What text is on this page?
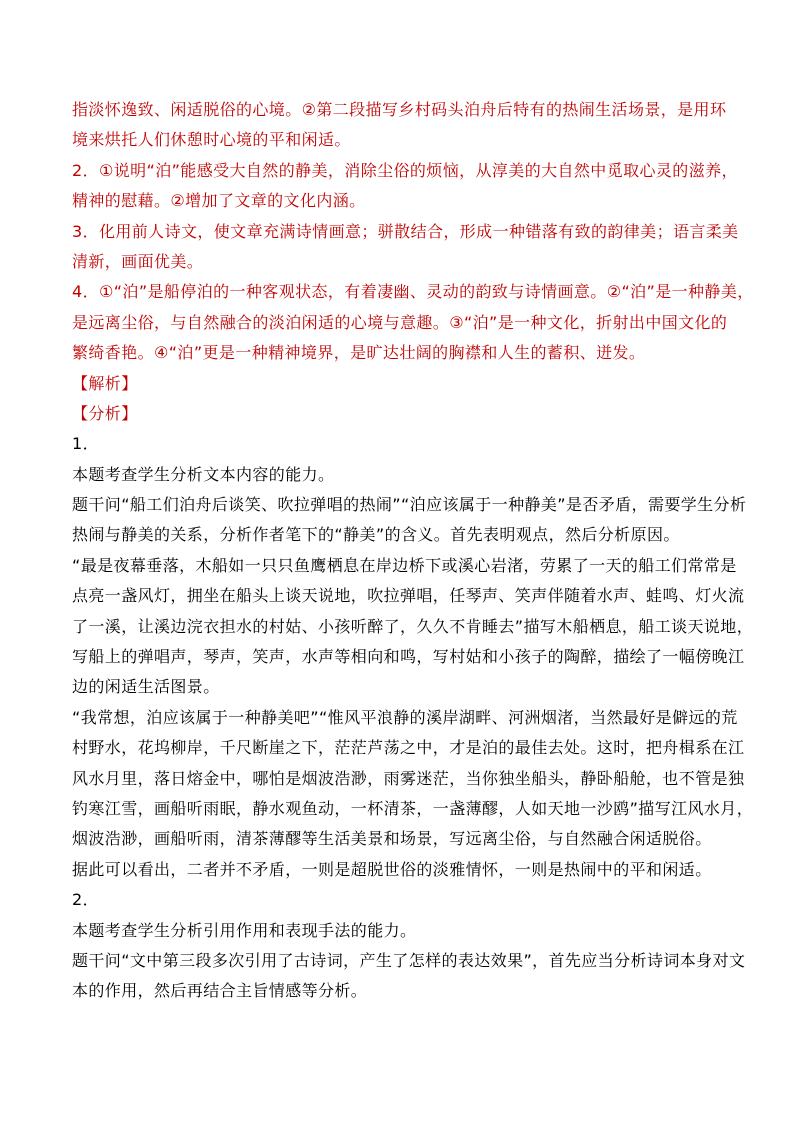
指淡怀逸致、闲适脱俗的心境。②第二段描写乡村码头泊舟后特有的热闹生活场景，是用环
境来烘托人们休憩时心境的平和闲适。
2．①说明“泊”能感受大自然的静美，消除尘俗的烦恼，从淳美的大自然中觅取心灵的滋养，
精神的慰藉。②增加了文章的文化内涵。
3．化用前人诗文，使文章充满诗情画意；骈散结合，形成一种错落有致的韵律美；语言柔美
清新，画面优美。
4．①“泊”是船停泊的一种客观状态，有着凄幽、灵动的韵致与诗情画意。②“泊”是一种静美，
是远离尘俗，与自然融合的淡泊闲适的心境与意趣。③“泊”是一种文化，折射出中国文化的
繁绮香艳。④“泊”更是一种精神境界，是旷达壮阔的胸襟和人生的蓄积、迸发。
【解析】
【分析】
1．
本题考查学生分析文本内容的能力。
题干问“船工们泊舟后谈笑、吹拉弹唱的热闹”“泊应该属于一种静美”是否矛盾，需要学生分析
热闹与静美的关系，分析作者笔下的“静美”的含义。首先表明观点，然后分析原因。
“最是夜幕垂落，木船如一只只鱼鹰栖息在岸边桥下或溪心岩渚，劳累了一天的船工们常常是
点亮一盏风灯，拥坐在船头上谈天说地，吹拉弹唱，任琴声、笑声伴随着水声、蛙鸣、灯火流
了一溪，让溪边浣衣担水的村姑、小孩听醉了，久久不肯睡去”描写木船栖息，船工谈天说地，
写船上的弹唱声，琴声，笑声，水声等相向和鸣，写村姑和小孩子的陶醉，描绘了一幅傍晚江
边的闲适生活图景。
“我常想，泊应该属于一种静美吧”“惟风平浪静的溪岸湖畔、河洲烟渚，当然最好是僻远的荒
村野水，花坞柳岸，千尺断崖之下，茫茫芦荡之中，才是泊的最佳去处。这时，把舟楫系在江
风水月里，落日熔金中，哪怕是烟波浩渺，雨雾迷茫，当你独坐船头，静卧船舱，也不管是独
钓寒江雪，画船听雨眠，静水观鱼动，一杯清茶，一盏薄醪，人如天地一沙鸥”描写江风水月，
烟波浩渺，画船听雨，清茶薄醪等生活美景和场景，写远离尘俗，与自然融合闲适脱俗。
据此可以看出，二者并不矛盾，一则是超脱世俗的淡雅情怀，一则是热闹中的平和闲适。
2．
本题考查学生分析引用作用和表现手法的能力。
题干问“文中第三段多次引用了古诗词，产生了怎样的表达效果”，首先应当分析诗词本身对文
本的作用，然后再结合主旨情感等分析。
